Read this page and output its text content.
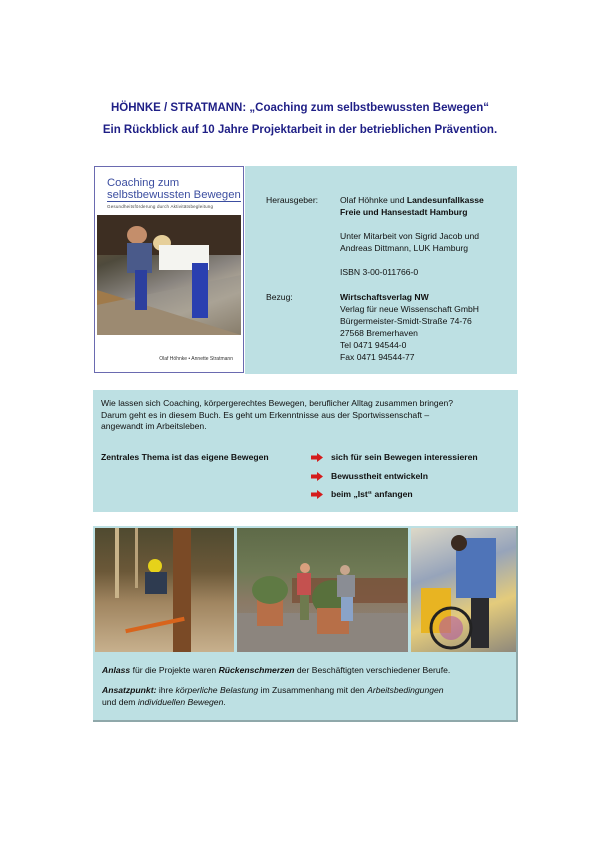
HÖHNKE / STRATMANN: „Coaching zum selbstbewussten Bewegen“
Ein Rückblick auf 10 Jahre Projektarbeit in der betrieblichen Prävention.
Coaching zum
selbstbewussten Bewegen
Gesundheitsförderung durch Aktivitätsbegleitung
Olaf Höhnke • Annette Stratmann
Herausgeber:	Olaf Höhnke und Landesunfallkasse
Freie und Hansestadt Hamburg
Unter Mitarbeit von Sigrid Jacob und
Andreas Dittmann, LUK Hamburg
ISBN 3-00-011766-0
Bezug:	Wirtschaftsverlag NW
Verlag für neue Wissenschaft GmbH
Bürgermeister-Smidt-Straße 74-76
27568 Bremerhaven
Tel 0471 94544-0
Fax 0471 94544-77
Wie lassen sich Coaching, körpergerechtes Bewegen, beruflicher Alltag zusammen bringen?
Darum geht es in diesem Buch. Es geht um Erkenntnisse aus der Sportwissenschaft –
angewandt im Arbeitsleben.
Zentrales Thema ist das eigene Bewegen	sich für sein Bewegen interessieren
Bewusstheit entwickeln
beim „Ist“ anfangen
Anlass für die Projekte waren Rückenschmerzen der Beschäftigten verschiedener Berufe.
Ansatzpunkt: ihre körperliche Belastung im Zusammenhang mit den Arbeitsbedingungen
und dem individuellen Bewegen.
